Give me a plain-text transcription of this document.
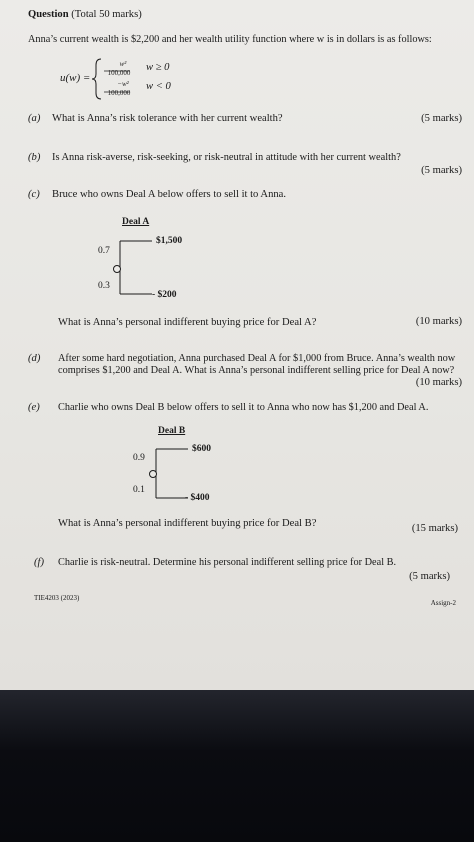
Question (Total 50 marks)
Anna’s current wealth is $2,200 and her wealth utility function where w is in dollars is as follows:
u(w) =
w²
100,000	w ≥ 0
−w²
100,000
w < 0
(a) What is Anna’s risk tolerance with her current wealth?	(5 marks)
(b) Is Anna risk-averse, risk-seeking, or risk-neutral in attitude with her current wealth?
(5 marks)
(c) Bruce who owns Deal A below offers to sell it to Anna.
Deal A
0.7
0.3
$1,500
- $200
What is Anna’s personal indifferent buying price for Deal A?	(10 marks)
(d) After some hard negotiation, Anna purchased Deal A for $1,000 from Bruce. Anna’s wealth now
comprises $1,200 and Deal A. What is Anna’s personal indifferent selling price for Deal A now?
(10 marks)
(e) Charlie who owns Deal B below offers to sell it to Anna who now has $1,200 and Deal A.
Deal B
0.9
0.1
$600
- $400
What is Anna’s personal indifferent buying price for Deal B?	(15 marks)
(f) Charlie is risk-neutral. Determine his personal indifferent selling price for Deal B.
(5 marks)
TIE4203 (2023)
Assign-2
